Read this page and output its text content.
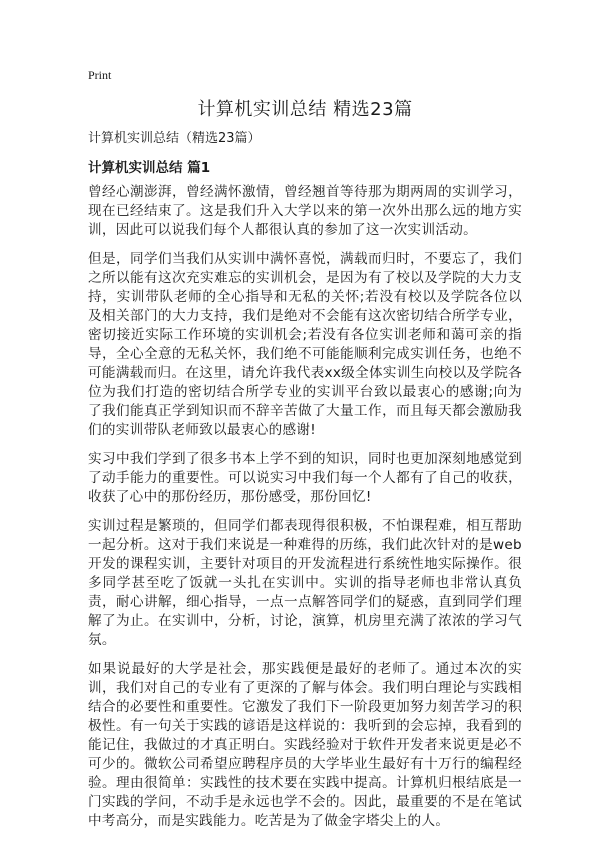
Print
计算机实训总结 精选23篇
计算机实训总结（精选23篇）
计算机实训总结 篇1

曾经心潮澎湃，曾经满怀激情，曾经翘首等待那为期两周的实训学习，现在已经结束了。这是我们升入大学以来的第一次外出那么远的地方实训，因此可以说我们每个人都很认真的参加了这一次实训活动。

但是，同学们当我们从实训中满怀喜悦，满载而归时，不要忘了，我们之所以能有这次充实难忘的实训机会，是因为有了校以及学院的大力支持，实训带队老师的全心指导和无私的关怀;若没有校以及学院各位以及相关部门的大力支持，我们是绝对不会能有这次密切结合所学专业，密切接近实际工作环境的实训机会;若没有各位实训老师和蔼可亲的指导，全心全意的无私关怀，我们绝不可能能顺利完成实训任务，也绝不可能满载而归。在这里，请允许我代表xx级全体实训生向校以及学院各位为我们打造的密切结合所学专业的实训平台致以最衷心的感谢;向为了我们能真正学到知识而不辞辛苦做了大量工作，而且每天都会激励我们的实训带队老师致以最衷心的感谢!

实习中我们学到了很多书本上学不到的知识，同时也更加深刻地感觉到了动手能力的重要性。可以说实习中我们每一个人都有了自己的收获，收获了心中的那份经历，那份感受，那份回忆!

实训过程是繁琐的，但同学们都表现得很积极，不怕课程难，相互帮助一起分析。这对于我们来说是一种难得的历练，我们此次针对的是web开发的课程实训，主要针对项目的开发流程进行系统性地实际操作。很多同学甚至吃了饭就一头扎在实训中。实训的指导老师也非常认真负责，耐心讲解，细心指导，一点一点解答同学们的疑惑，直到同学们理解了为止。在实训中，分析，讨论，演算，机房里充满了浓浓的学习气氛。

如果说最好的大学是社会，那实践便是最好的老师了。通过本次的实训，我们对自己的专业有了更深的了解与体会。我们明白理论与实践相结合的必要性和重要性。它激发了我们下一阶段更加努力刻苦学习的积极性。有一句关于实践的谚语是这样说的：我听到的会忘掉，我看到的能记住，我做过的才真正明白。实践经验对于软件开发者来说更是必不可少的。微软公司希望应聘程序员的大学毕业生最好有十万行的编程经验。理由很简单：实践性的技术要在实践中提高。计算机归根结底是一门实践的学问，不动手是永远也学不会的。因此，最重要的不是在笔试中考高分，而是实践能力。吃苦是为了做金字塔尖上的人。
